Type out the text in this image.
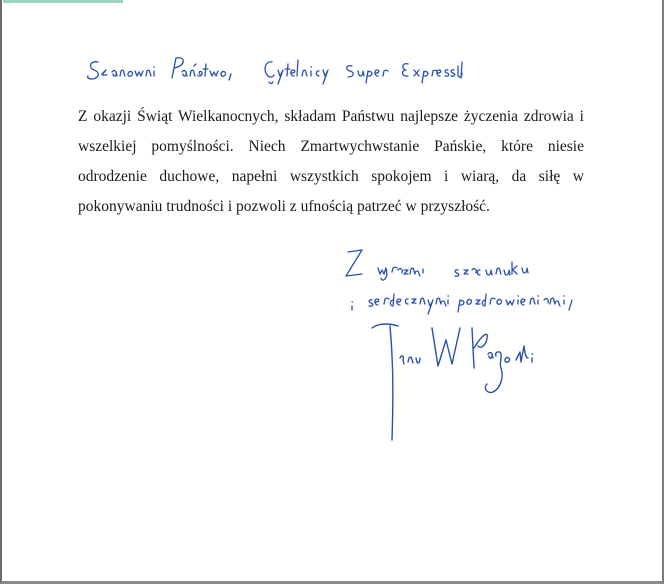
Z okazji Świąt Wielkanocnych, składam Państwu najlepsze życzenia zdrowia i wszelkiej pomyślności. Niech Zmartwychwstanie Pańskie, które niesie odrodzenie duchowe, napełni wszystkich spokojem i wiarą, da siłę w pokonywaniu trudności i pozwoli z ufnością patrzeć w przyszłość.
